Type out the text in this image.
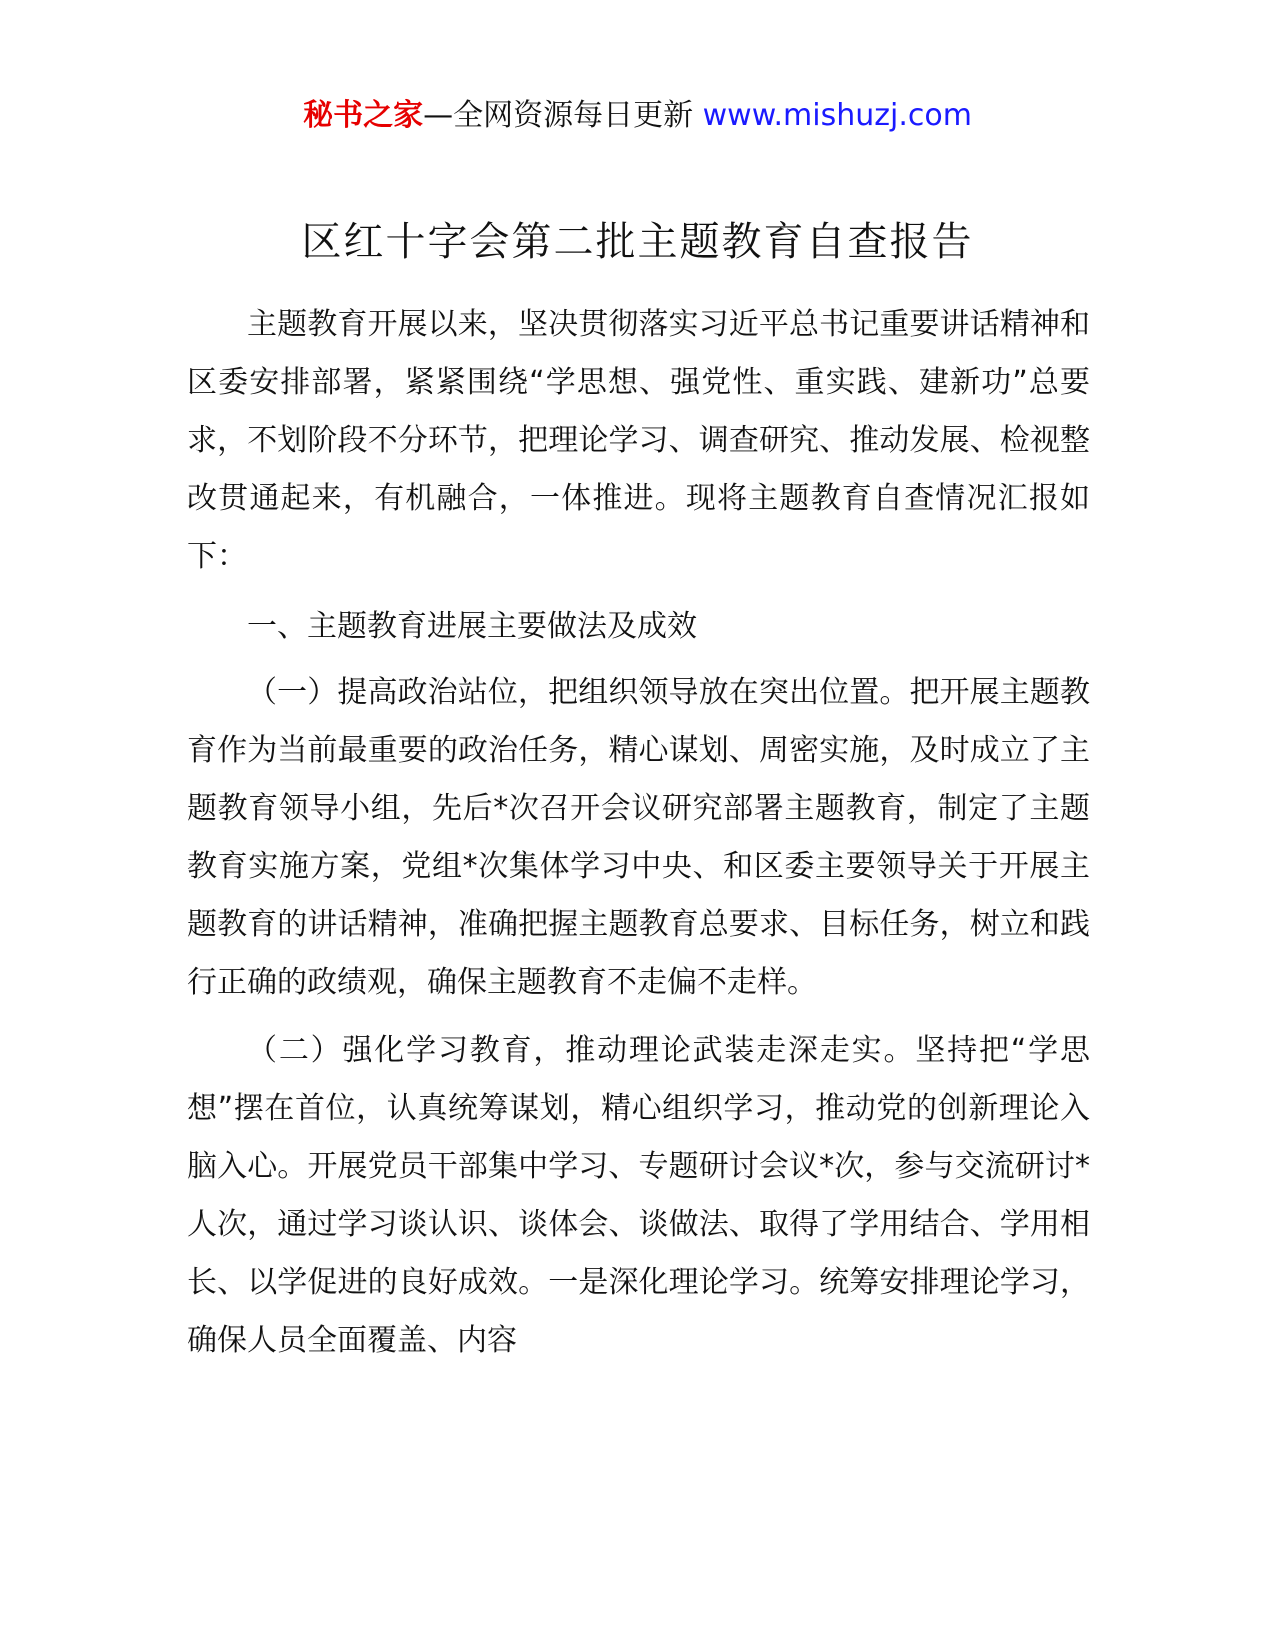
秘书之家—全网资源每日更新 www.mishuzj.com
区红十字会第二批主题教育自查报告

主题教育开展以来，坚决贯彻落实习近平总书记重要讲话精神和区委安排部署，紧紧围绕“学思想、强党性、重实践、建新功”总要求，不划阶段不分环节，把理论学习、调查研究、推动发展、检视整改贯通起来，有机融合，一体推进。现将主题教育自查情况汇报如下：

一、主题教育进展主要做法及成效

（一）提高政治站位，把组织领导放在突出位置。把开展主题教育作为当前最重要的政治任务，精心谋划、周密实施，及时成立了主题教育领导小组，先后*次召开会议研究部署主题教育，制定了主题教育实施方案，党组*次集体学习中央、和区委主要领导关于开展主题教育的讲话精神，准确把握主题教育总要求、目标任务，树立和践行正确的政绩观，确保主题教育不走偏不走样。

（二）强化学习教育，推动理论武装走深走实。坚持把“学思想”摆在首位，认真统筹谋划，精心组织学习，推动党的创新理论入脑入心。开展党员干部集中学习、专题研讨会议*次，参与交流研讨*人次，通过学习谈认识、谈体会、谈做法、取得了学用结合、学用相长、以学促进的良好成效。一是深化理论学习。统筹安排理论学习，确保人员全面覆盖、内容
